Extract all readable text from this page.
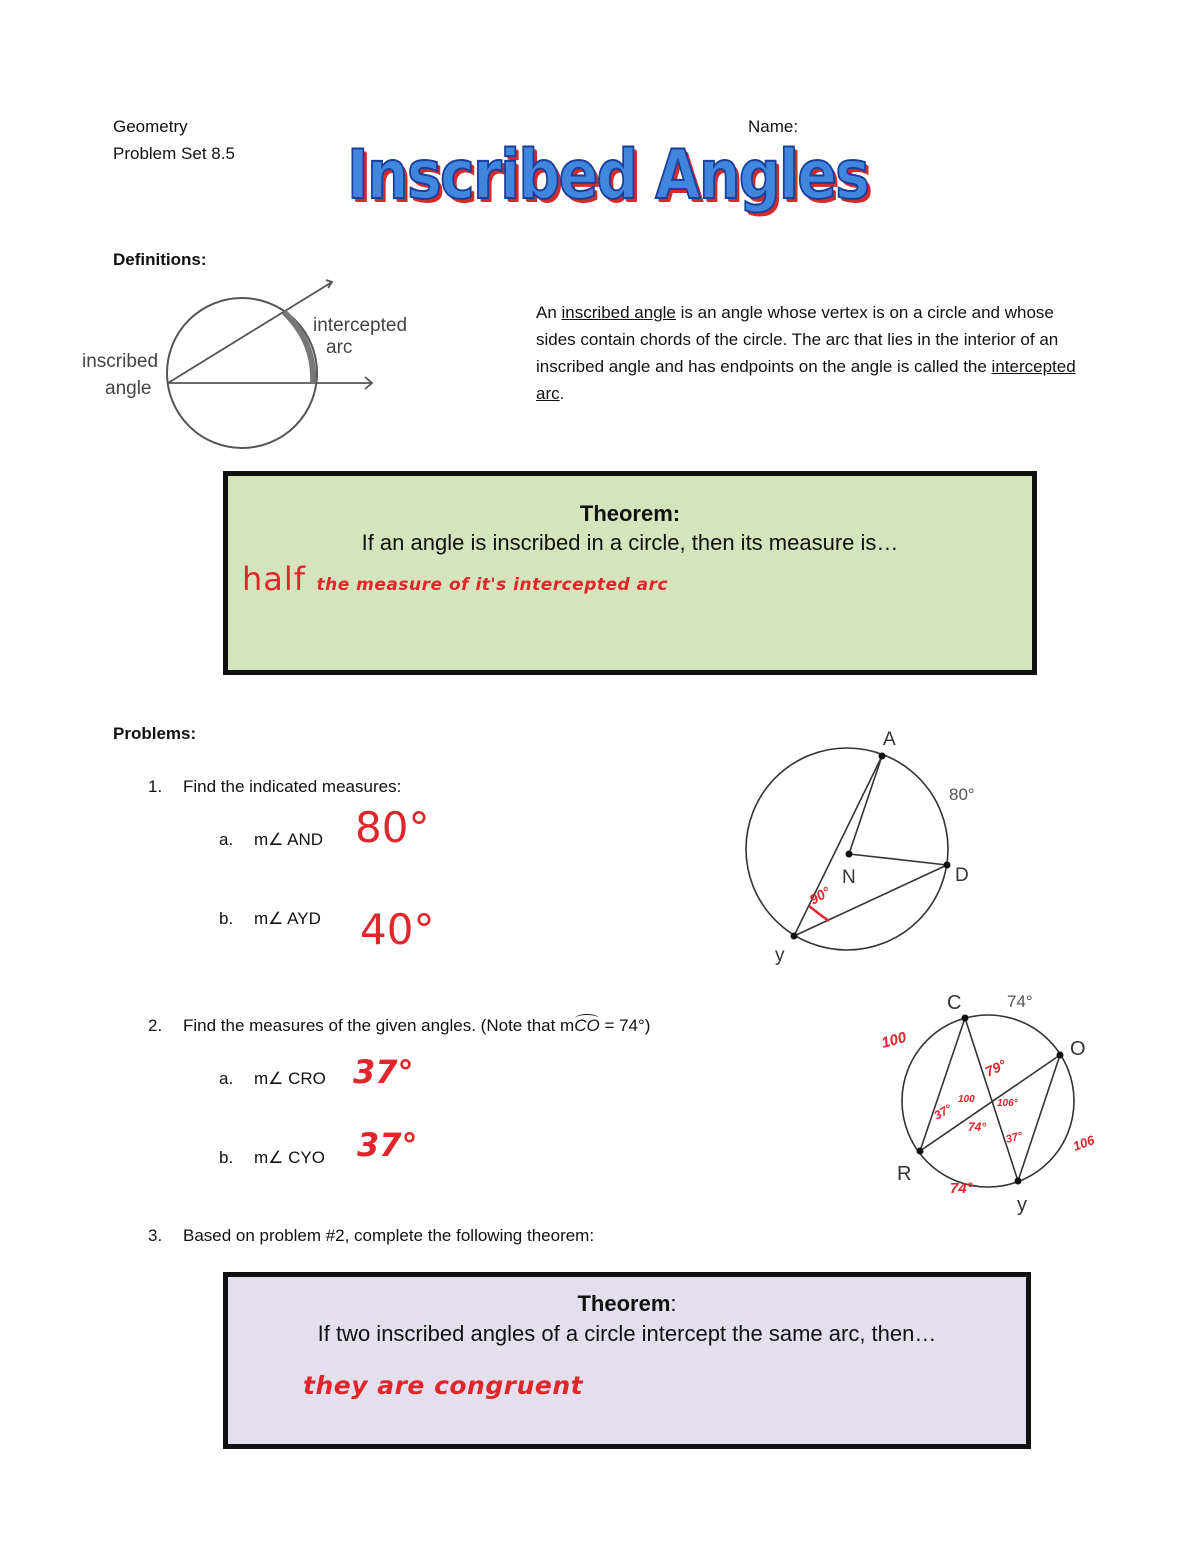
Geometry
Problem Set 8.5
Name:
Inscribed Angles
Definitions:
inscribed
angle
intercepted
arc
An inscribed angle is an angle whose vertex is on a circle and whose sides contain chords of the circle. The arc that lies in the interior of an inscribed angle and has endpoints on the angle is called the intercepted arc.
Theorem:
If an angle is inscribed in a circle, then its measure is…
half the measure of it's intercepted arc
Problems:
1. Find the indicated measures:
a. m∠ AND 80°
b. m∠ AYD 40°
A
N	D
y
80°
90°
2. Find the measures of the given angles. (Note that m
CO = 74°)
a. m∠ CRO 37°
b. m∠ CYO 37°
C
O
R
y
74°
100
106
74°
79°
100 106°
37°
74°
37°
3. Based on problem #2, complete the following theorem:
Theorem:
If two inscribed angles of a circle intercept the same arc, then…
they are congruent
